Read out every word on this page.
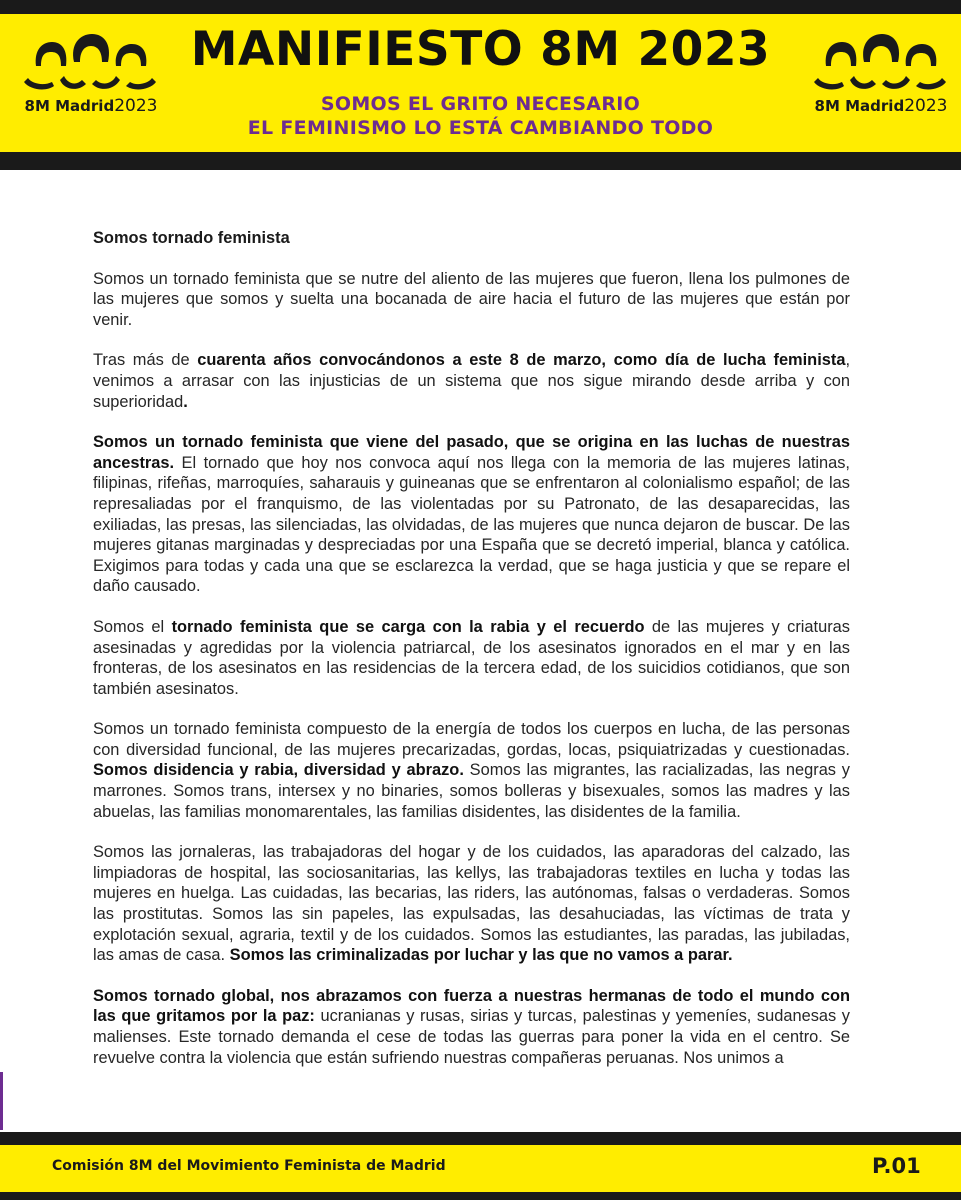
8M Madrid2023	8M Madrid2023
MANIFIESTO 8M 2023
SOMOS EL GRITO NECESARIO
EL FEMINISMO LO ESTÁ CAMBIANDO TODO
Somos tornado feminista

Somos un tornado feminista que se nutre del aliento de las mujeres que fueron, llena los pulmones de las mujeres que somos y suelta una bocanada de aire hacia el futuro de las mujeres que están por venir.

Tras más de cuarenta años convocándonos a este 8 de marzo, como día de lucha feminista, venimos a arrasar con las injusticias de un sistema que nos sigue mirando desde arriba y con superioridad.

Somos un tornado feminista que viene del pasado, que se origina en las luchas de nuestras ancestras. El tornado que hoy nos convoca aquí nos llega con la memoria de las mujeres latinas, filipinas, rifeñas, marroquíes, saharauis y guineanas que se enfrentaron al colonialismo español; de las represaliadas por el franquismo, de las violentadas por su Patronato, de las desaparecidas, las exiliadas, las presas, las silenciadas, las olvidadas, de las mujeres que nunca dejaron de buscar. De las mujeres gitanas marginadas y despreciadas por una España que se decretó imperial, blanca y católica. Exigimos para todas y cada una que se esclarezca la verdad, que se haga justicia y que se repare el daño causado.

Somos el tornado feminista que se carga con la rabia y el recuerdo de las mujeres y criaturas asesinadas y agredidas por la violencia patriarcal, de los asesinatos ignorados en el mar y en las fronteras, de los asesinatos en las residencias de la tercera edad, de los suicidios cotidianos, que son también asesinatos.

Somos un tornado feminista compuesto de la energía de todos los cuerpos en lucha, de las personas con diversidad funcional, de las mujeres precarizadas, gordas, locas, psiquiatrizadas y cuestionadas. Somos disidencia y rabia, diversidad y abrazo. Somos las migrantes, las racializadas, las negras y marrones. Somos trans, intersex y no binaries, somos bolleras y bisexuales, somos las madres y las abuelas, las familias monomarentales, las familias disidentes, las disidentes de la familia.

Somos las jornaleras, las trabajadoras del hogar y de los cuidados, las aparadoras del calzado, las limpiadoras de hospital, las sociosanitarias, las kellys, las trabajadoras textiles en lucha y todas las mujeres en huelga. Las cuidadas, las becarias, las riders, las autónomas, falsas o verdaderas. Somos las prostitutas. Somos las sin papeles, las expulsadas, las desahuciadas, las víctimas de trata y explotación sexual, agraria, textil y de los cuidados. Somos las estudiantes, las paradas, las jubiladas, las amas de casa. Somos las criminalizadas por luchar y las que no vamos a parar.

Somos tornado global, nos abrazamos con fuerza a nuestras hermanas de todo el mundo con las que gritamos por la paz: ucranianas y rusas, sirias y turcas, palestinas y yemeníes, sudanesas y malienses. Este tornado demanda el cese de todas las guerras para poner la vida en el centro. Se revuelve contra la violencia que están sufriendo nuestras compañeras peruanas. Nos unimos a

Comisión 8M del Movimiento Feminista de Madrid	P.01
